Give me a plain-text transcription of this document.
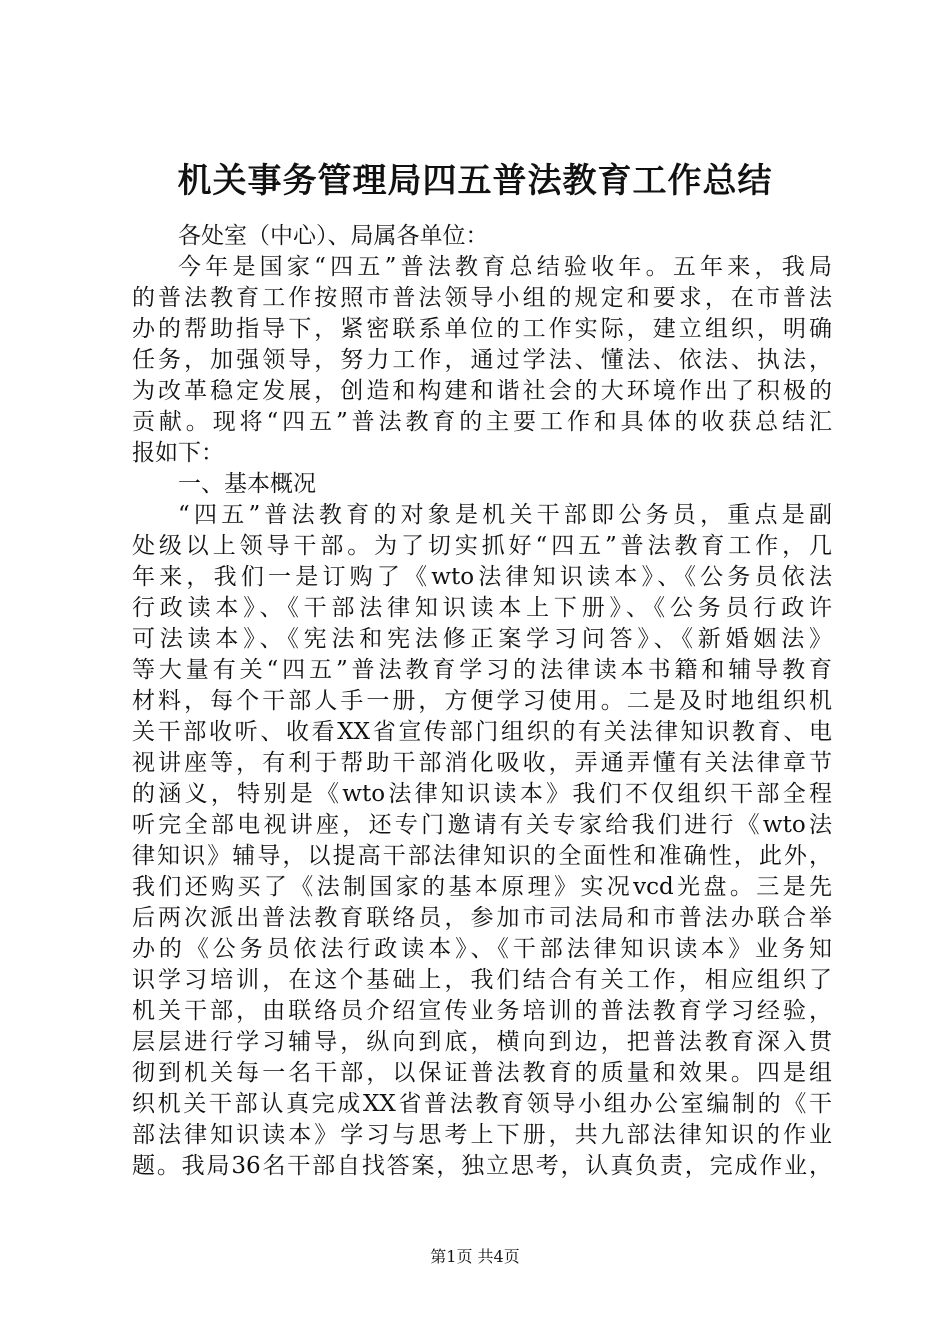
机关事务管理局四五普法教育工作总结
各处室（中心）、局属各单位：
今年是国家“四五”普法教育总结验收年。五年来，我局
的普法教育工作按照市普法领导小组的规定和要求，在市普法
办的帮助指导下，紧密联系单位的工作实际，建立组织，明确
任务，加强领导，努力工作，通过学法、懂法、依法、执法，
为改革稳定发展，创造和构建和谐社会的大环境作出了积极的
贡献。现将“四五”普法教育的主要工作和具体的收获总结汇
报如下：
一、基本概况
“四五”普法教育的对象是机关干部即公务员，重点是副
处级以上领导干部。为了切实抓好“四五”普法教育工作，几
年来，我们一是订购了《wto法律知识读本》、《公务员依法
行政读本》、《干部法律知识读本上下册》、《公务员行政许
可法读本》、《宪法和宪法修正案学习问答》、《新婚姻法》
等大量有关“四五”普法教育学习的法律读本书籍和辅导教育
材料，每个干部人手一册，方便学习使用。二是及时地组织机
关干部收听、收看XX省宣传部门组织的有关法律知识教育、电
视讲座等，有利于帮助干部消化吸收，弄通弄懂有关法律章节
的涵义，特别是《wto法律知识读本》我们不仅组织干部全程
听完全部电视讲座，还专门邀请有关专家给我们进行《wto法
律知识》辅导，以提高干部法律知识的全面性和准确性，此外，
我们还购买了《法制国家的基本原理》实况vcd光盘。三是先
后两次派出普法教育联络员，参加市司法局和市普法办联合举
办的《公务员依法行政读本》、《干部法律知识读本》业务知
识学习培训，在这个基础上，我们结合有关工作，相应组织了
机关干部，由联络员介绍宣传业务培训的普法教育学习经验，
层层进行学习辅导，纵向到底，横向到边，把普法教育深入贯
彻到机关每一名干部，以保证普法教育的质量和效果。四是组
织机关干部认真完成XX省普法教育领导小组办公室编制的《干
部法律知识读本》学习与思考上下册，共九部法律知识的作业
题。我局36名干部自找答案，独立思考，认真负责，完成作业，
第1页 共4页
